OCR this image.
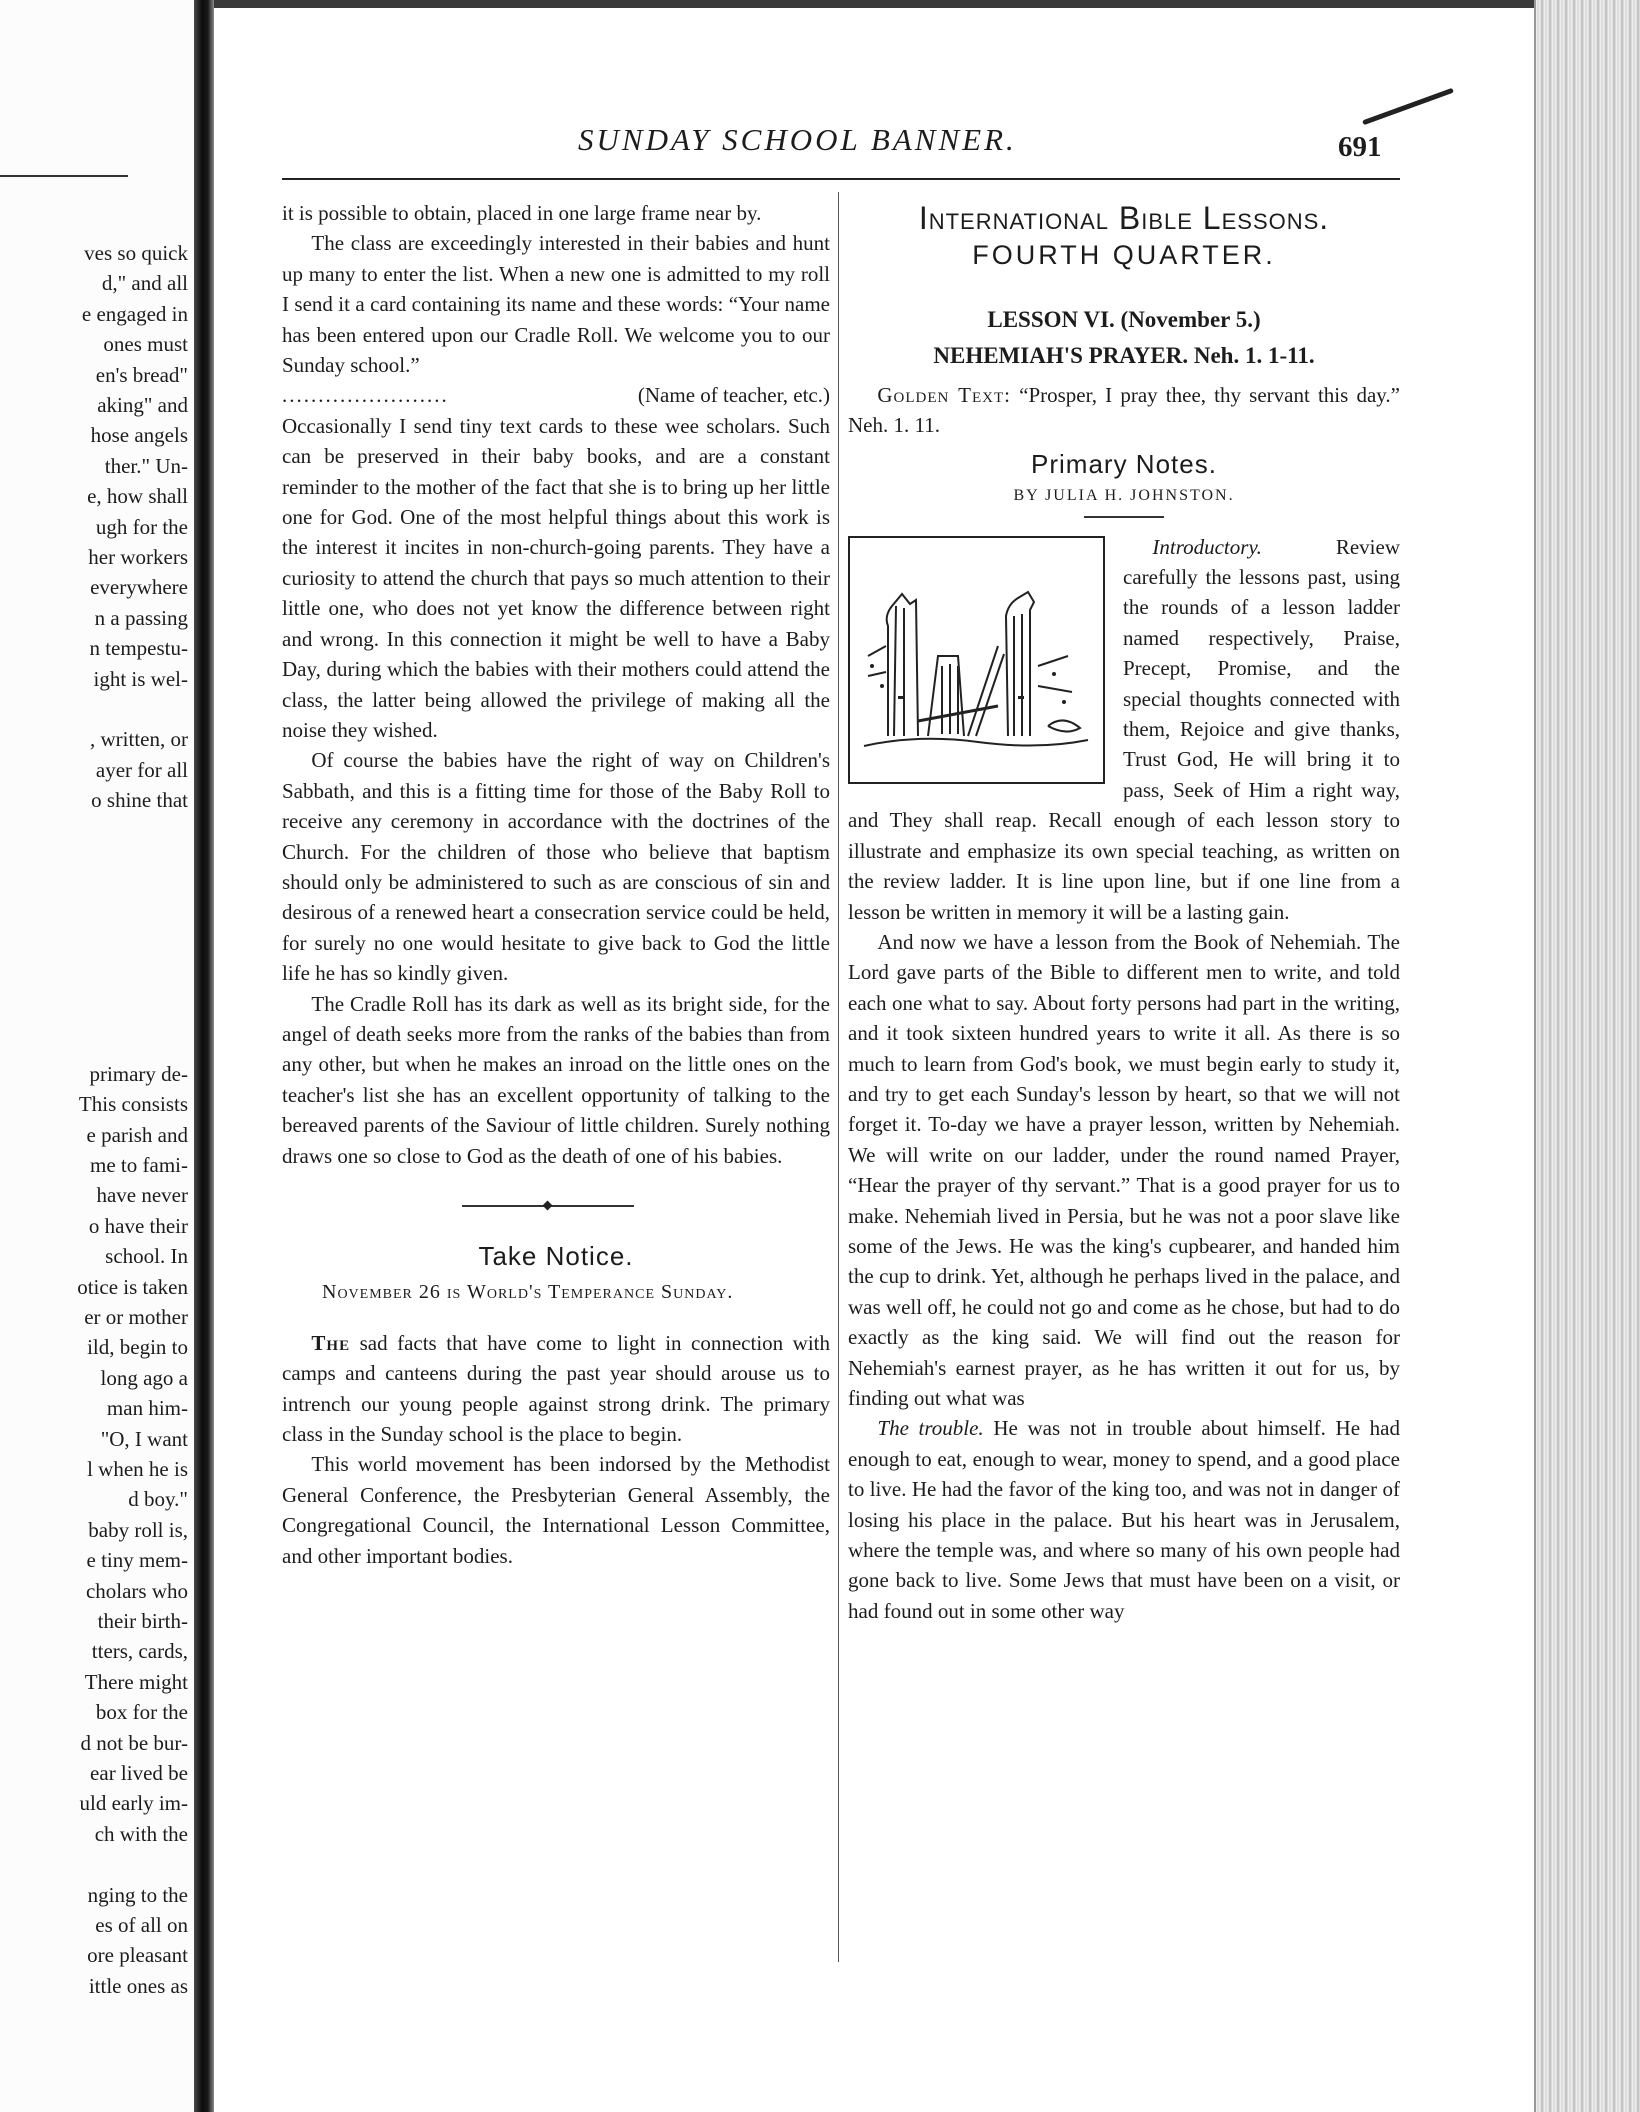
ves so quick
d," and all
e engaged in
ones must
en's bread"
aking" and
hose angels
ther." Un-
e, how shall
ugh for the
her workers
everywhere
n a passing
n tempestu-
ight is wel-
, written, or
ayer for all
o shine that
primary de-
This consists
e parish and
me to fami-
have never
o have their
school. In
otice is taken
er or mother
ild, begin to
long ago a
man him-
"O, I want
l when he is
d boy."
baby roll is,
e tiny mem-
cholars who
their birth-
tters, cards,
There might
box for the
d not be bur-
ear lived be
uld early im-
ch with the
nging to the
es of all on
ore pleasant
ittle ones as
SUNDAY SCHOOL BANNER.	691

it is possible to obtain, placed in one large frame near by.

The class are exceedingly interested in their babies and hunt up many to enter the list. When a new one is admitted to my roll I send it a card containing its name and these words: “Your name has been entered upon our Cradle Roll. We welcome you to our Sunday school.”

.......................	(Name of teacher, etc.)

Occasionally I send tiny text cards to these wee scholars. Such can be preserved in their baby books, and are a constant reminder to the mother of the fact that she is to bring up her little one for God. One of the most helpful things about this work is the interest it incites in non-church-going parents. They have a curiosity to attend the church that pays so much attention to their little one, who does not yet know the difference between right and wrong. In this connection it might be well to have a Baby Day, during which the babies with their mothers could attend the class, the latter being allowed the privilege of making all the noise they wished.

Of course the babies have the right of way on Children's Sabbath, and this is a fitting time for those of the Baby Roll to receive any ceremony in accordance with the doctrines of the Church. For the children of those who believe that baptism should only be administered to such as are conscious of sin and desirous of a renewed heart a consecration service could be held, for surely no one would hesitate to give back to God the little life he has so kindly given.

The Cradle Roll has its dark as well as its bright side, for the angel of death seeks more from the ranks of the babies than from any other, but when he makes an inroad on the little ones on the teacher's list she has an excellent opportunity of talking to the bereaved parents of the Saviour of little children. Surely nothing draws one so close to God as the death of one of his babies.

Take Notice.

November 26 is World's Temperance Sunday.

The sad facts that have come to light in connection with camps and canteens during the past year should arouse us to intrench our young people against strong drink. The primary class in the Sunday school is the place to begin.

This world movement has been indorsed by the Methodist General Conference, the Presbyterian General Assembly, the Congregational Council, the International Lesson Committee, and other important bodies.

International Bible Lessons.
FOURTH QUARTER.
LESSON VI. (November 5.)
NEHEMIAH'S PRAYER. Neh. 1. 1-11.

Golden Text: “Prosper, I pray thee, thy servant this day.” Neh. 1. 11.

Primary Notes.
BY JULIA H. JOHNSTON.

Introductory.	Review carefully the lessons past, using the rounds of a lesson ladder named respectively, Praise, Precept, Promise, and the special thoughts connected with them, Rejoice and give thanks, Trust God, He will bring it to pass, Seek of Him a right way, and They shall reap. Recall enough of each lesson story to illustrate and emphasize its own special teaching, as written on the review ladder. It is line upon line, but if one line from a lesson be written in memory it will be a lasting gain.

And now we have a lesson from the Book of Nehemiah. The Lord gave parts of the Bible to different men to write, and told each one what to say. About forty persons had part in the writing, and it took sixteen hundred years to write it all. As there is so much to learn from God's book, we must begin early to study it, and try to get each Sunday's lesson by heart, so that we will not forget it. To-day we have a prayer lesson, written by Nehemiah. We will write on our ladder, under the round named Prayer, “Hear the prayer of thy servant.” That is a good prayer for us to make. Nehemiah lived in Persia, but he was not a poor slave like some of the Jews. He was the king's cupbearer, and handed him the cup to drink. Yet, although he perhaps lived in the palace, and was well off, he could not go and come as he chose, but had to do exactly as the king said. We will find out the reason for Nehemiah's earnest prayer, as he has written it out for us, by finding out what was

The trouble. He was not in trouble about himself. He had enough to eat, enough to wear, money to spend, and a good place to live. He had the favor of the king too, and was not in danger of losing his place in the palace. But his heart was in Jerusalem, where the temple was, and where so many of his own people had gone back to live. Some Jews that must have been on a visit, or had found out in some other way
